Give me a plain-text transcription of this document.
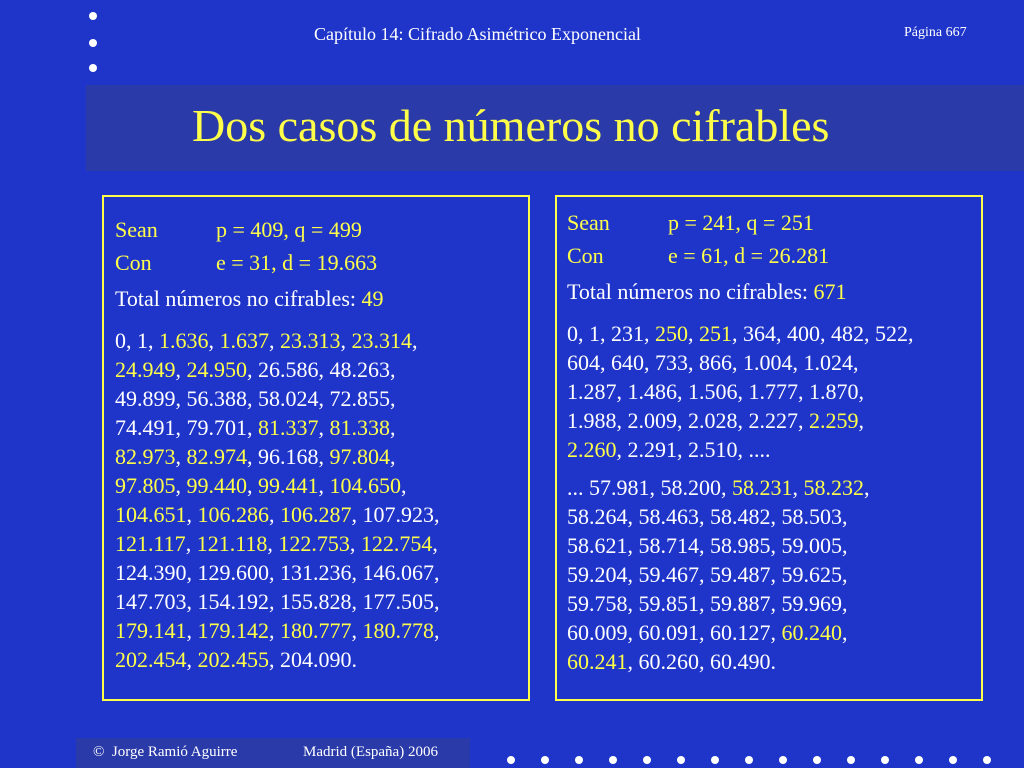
Capítulo 14: Cifrado Asimétrico Exponencial	Página 667
Dos casos de números no cifrables
Sean	p = 409, q = 499
Con	e = 31, d = 19.663
Total números no cifrables: 49
0, 1, 1.636, 1.637, 23.313, 23.314,
24.949, 24.950, 26.586, 48.263,
49.899, 56.388, 58.024, 72.855,
74.491, 79.701, 81.337, 81.338,
82.973, 82.974, 96.168, 97.804,
97.805, 99.440, 99.441, 104.650,
104.651, 106.286, 106.287, 107.923,
121.117, 121.118, 122.753, 122.754,
124.390, 129.600, 131.236, 146.067,
147.703, 154.192, 155.828, 177.505,
179.141, 179.142, 180.777, 180.778,
202.454, 202.455, 204.090.
Sean	p = 241, q = 251
Con	e = 61, d = 26.281
Total números no cifrables: 671
0, 1, 231, 250, 251, 364, 400, 482, 522,
604, 640, 733, 866, 1.004, 1.024,
1.287, 1.486, 1.506, 1.777, 1.870,
1.988, 2.009, 2.028, 2.227, 2.259,
2.260, 2.291, 2.510, ....
... 57.981, 58.200, 58.231, 58.232,
58.264, 58.463, 58.482, 58.503,
58.621, 58.714, 58.985, 59.005,
59.204, 59.467, 59.487, 59.625,
59.758, 59.851, 59.887, 59.969,
60.009, 60.091, 60.127, 60.240,
60.241, 60.260, 60.490.
© Jorge Ramió Aguirre	Madrid (España) 2006
